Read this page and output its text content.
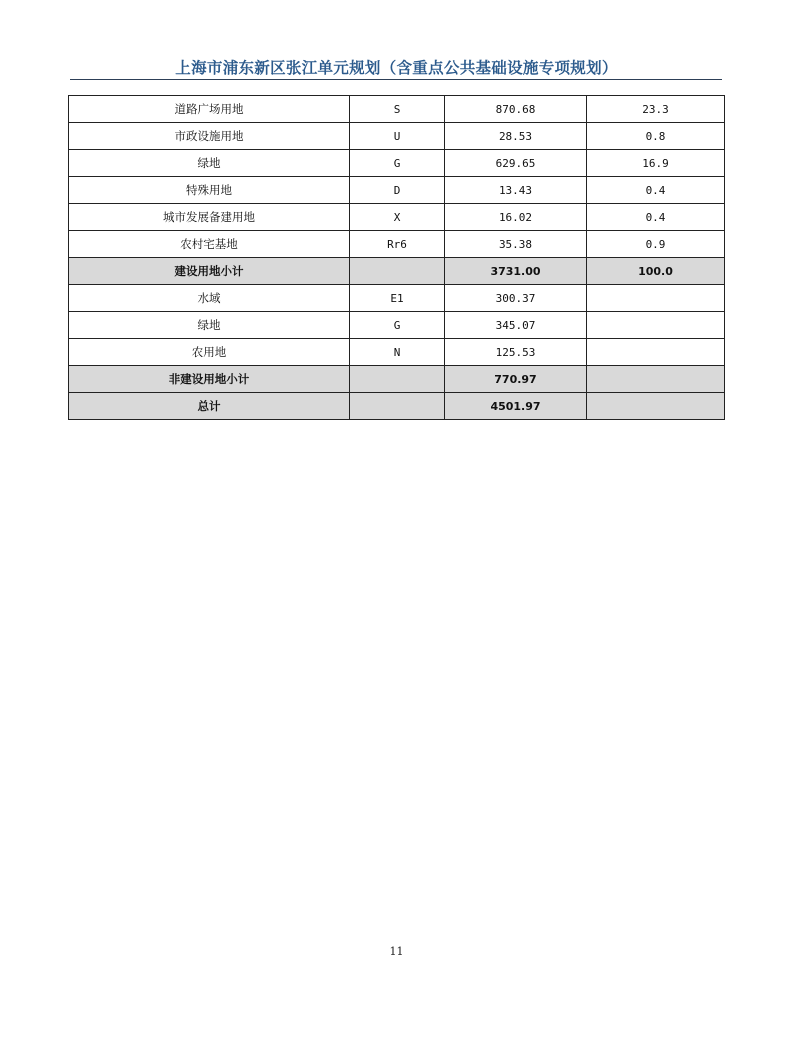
上海市浦东新区张江单元规划（含重点公共基础设施专项规划）
道路广场用地	S	870.68	23.3
市政设施用地	U	28.53	0.8
绿地	G	629.65	16.9
特殊用地	D	13.43	0.4
城市发展备建用地	X	16.02	0.4
农村宅基地	Rr6	35.38	0.9
建设用地小计		3731.00	100.0
水域	E1	300.37	
绿地	G	345.07	
农用地	N	125.53	
非建设用地小计		770.97	
总计		4501.97	
11
